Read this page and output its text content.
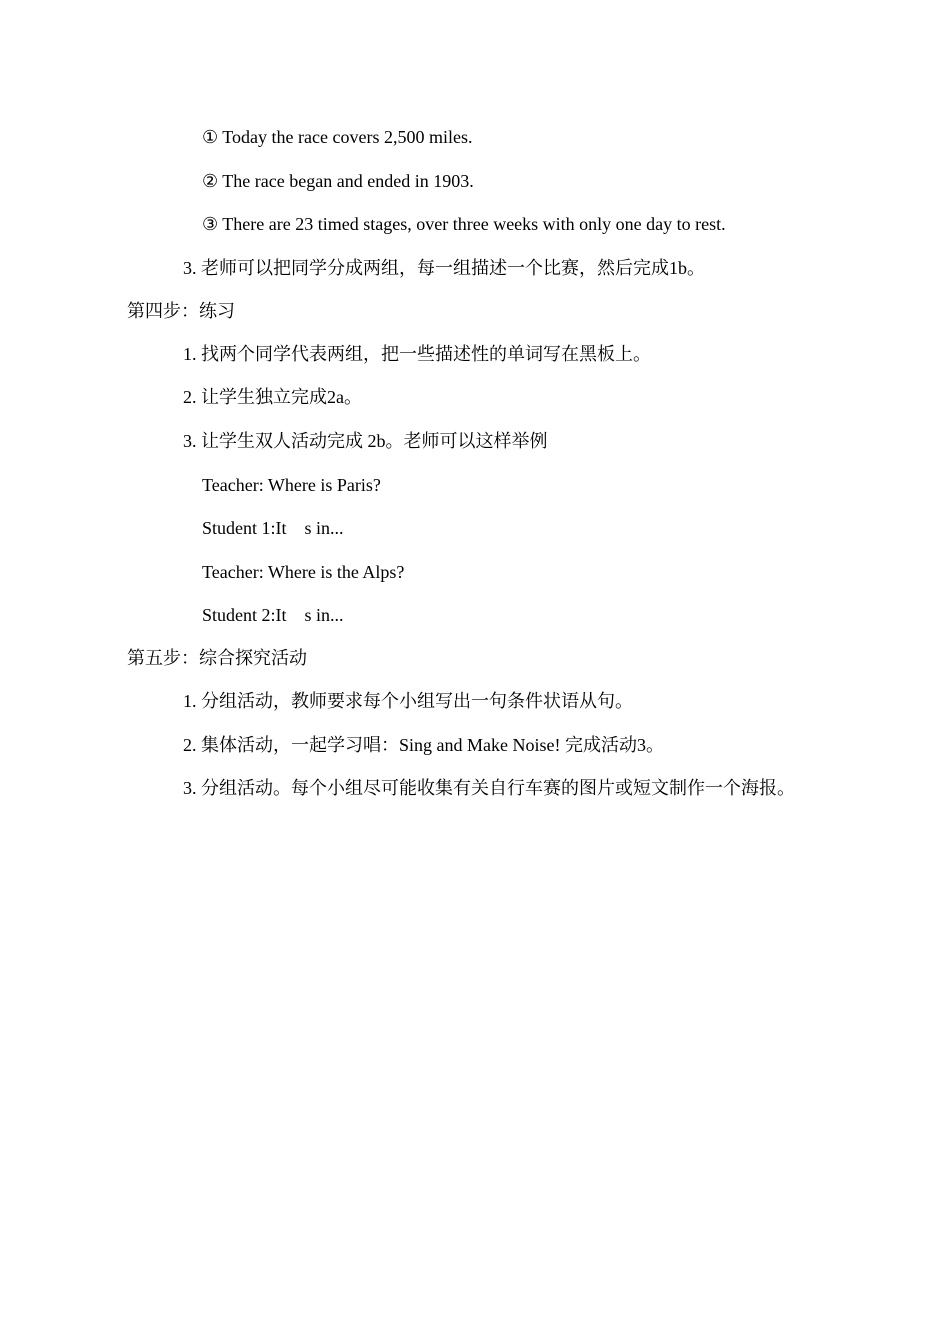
① Today the race covers 2,500 miles.
② The race began and ended in 1903.
③ There are 23 timed stages, over three weeks with only one day to rest.
3. 老师可以把同学分成两组，每一组描述一个比赛，然后完成1b。
第四步：练习
1. 找两个同学代表两组，把一些描述性的单词写在黑板上。
2. 让学生独立完成2a。
3. 让学生双人活动完成 2b。老师可以这样举例
Teacher: Where is Paris?
Student 1:It    s in...
Teacher: Where is the Alps?
Student 2:It    s in...
第五步：综合探究活动
1. 分组活动，教师要求每个小组写出一句条件状语从句。
2. 集体活动，一起学习唱：Sing and Make Noise! 完成活动3。
3. 分组活动。每个小组尽可能收集有关自行车赛的图片或短文制作一个海报。
